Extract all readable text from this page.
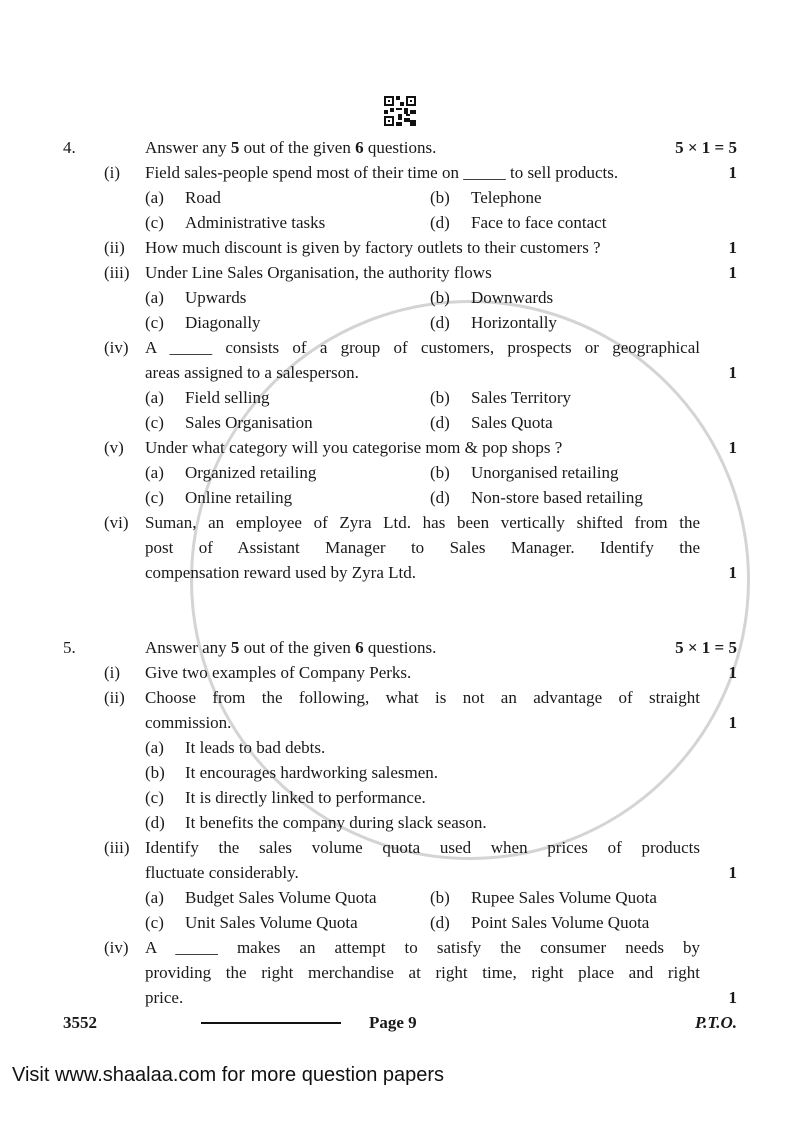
4.	Answer any 5 out of the given 6 questions.	5 × 1 = 5
(i) Field sales-people spend most of their time on _____ to sell products.	1
(a) Road	(b) Telephone
(c) Administrative tasks	(d) Face to face contact
(ii) How much discount is given by factory outlets to their customers ?	1
(iii) Under Line Sales Organisation, the authority flows	1
(a) Upwards	(b) Downwards
(c) Diagonally	(d) Horizontally
(iv) A _____ consists of a group of customers, prospects or geographical
areas assigned to a salesperson.	1
(a) Field selling	(b) Sales Territory
(c) Sales Organisation	(d) Sales Quota
(v) Under what category will you categorise mom & pop shops ?	1
(a) Organized retailing	(b) Unorganised retailing
(c) Online retailing	(d) Non-store based retailing
(vi) Suman, an employee of Zyra Ltd. has been vertically shifted from the
post of Assistant Manager to Sales Manager. Identify the
compensation reward used by Zyra Ltd.	1
5.	Answer any 5 out of the given 6 questions.	5 × 1 = 5
(i) Give two examples of Company Perks.	1
(ii) Choose from the following, what is not an advantage of straight
commission.	1
(a) It leads to bad debts.
(b) It encourages hardworking salesmen.
(c) It is directly linked to performance.
(d) It benefits the company during slack season.
(iii) Identify the sales volume quota used when prices of products
fluctuate considerably.	1
(a) Budget Sales Volume Quota	(b) Rupee Sales Volume Quota
(c) Unit Sales Volume Quota	(d) Point Sales Volume Quota
(iv) A _____ makes an attempt to satisfy the consumer needs by
providing the right merchandise at right time, right place and right
price.	1
3552	Page 9	P.T.O.
Visit www.shaalaa.com for more question papers
